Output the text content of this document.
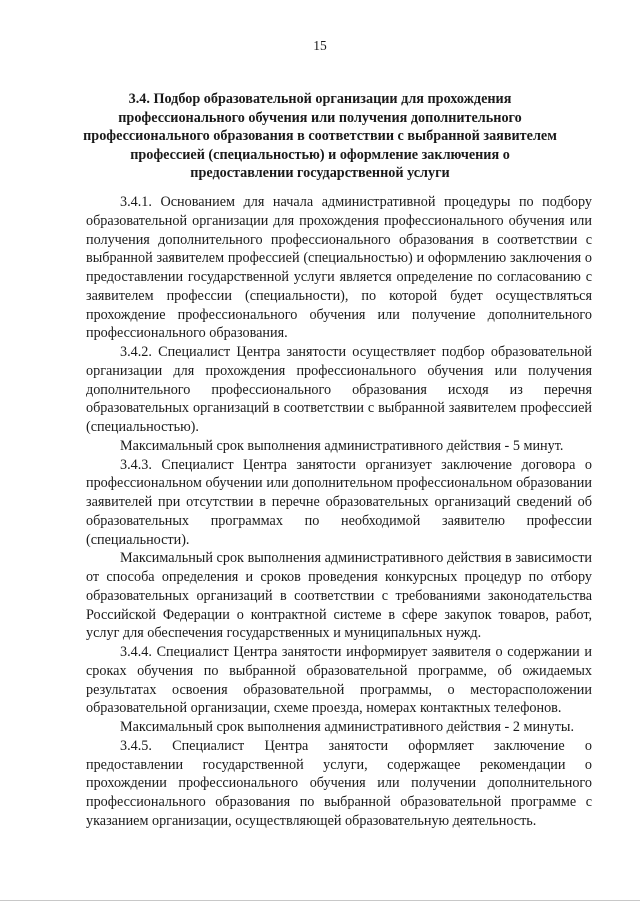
15
3.4. Подбор образовательной организации для прохождения профессионального обучения или получения дополнительного профессионального образования в соответствии с выбранной заявителем профессией (специальностью) и оформление заключения о предоставлении государственной услуги

3.4.1. Основанием для начала административной процедуры по подбору образовательной организации для прохождения профессионального обучения или получения дополнительного профессионального образования в соответствии с выбранной заявителем профессией (специальностью) и оформлению заключения о предоставлении государственной услуги является определение по согласованию с заявителем профессии (специальности), по которой будет осуществляться прохождение профессионального обучения или получение дополнительного профессионального образования.

3.4.2. Специалист Центра занятости осуществляет подбор образовательной организации для прохождения профессионального обучения или получения дополнительного профессионального образования исходя из перечня образовательных организаций в соответствии с выбранной заявителем профессией (специальностью).

Максимальный срок выполнения административного действия - 5 минут.

3.4.3. Специалист Центра занятости организует заключение договора о профессиональном обучении или дополнительном профессиональном образовании заявителей при отсутствии в перечне образовательных организаций сведений об образовательных программах по необходимой заявителю профессии (специальности).

Максимальный срок выполнения административного действия в зависимости от способа определения и сроков проведения конкурсных процедур по отбору образовательных организаций в соответствии с требованиями законодательства Российской Федерации о контрактной системе в сфере закупок товаров, работ, услуг для обеспечения государственных и муниципальных нужд.

3.4.4. Специалист Центра занятости информирует заявителя о содержании и сроках обучения по выбранной образовательной программе, об ожидаемых результатах освоения образовательной программы, о месторасположении образовательной организации, схеме проезда, номерах контактных телефонов.

Максимальный срок выполнения административного действия - 2 минуты.

3.4.5. Специалист Центра занятости оформляет заключение о предоставлении государственной услуги, содержащее рекомендации о прохождении профессионального обучения или получении дополнительного профессионального образования по выбранной образовательной программе с указанием организации, осуществляющей образовательную деятельность.
